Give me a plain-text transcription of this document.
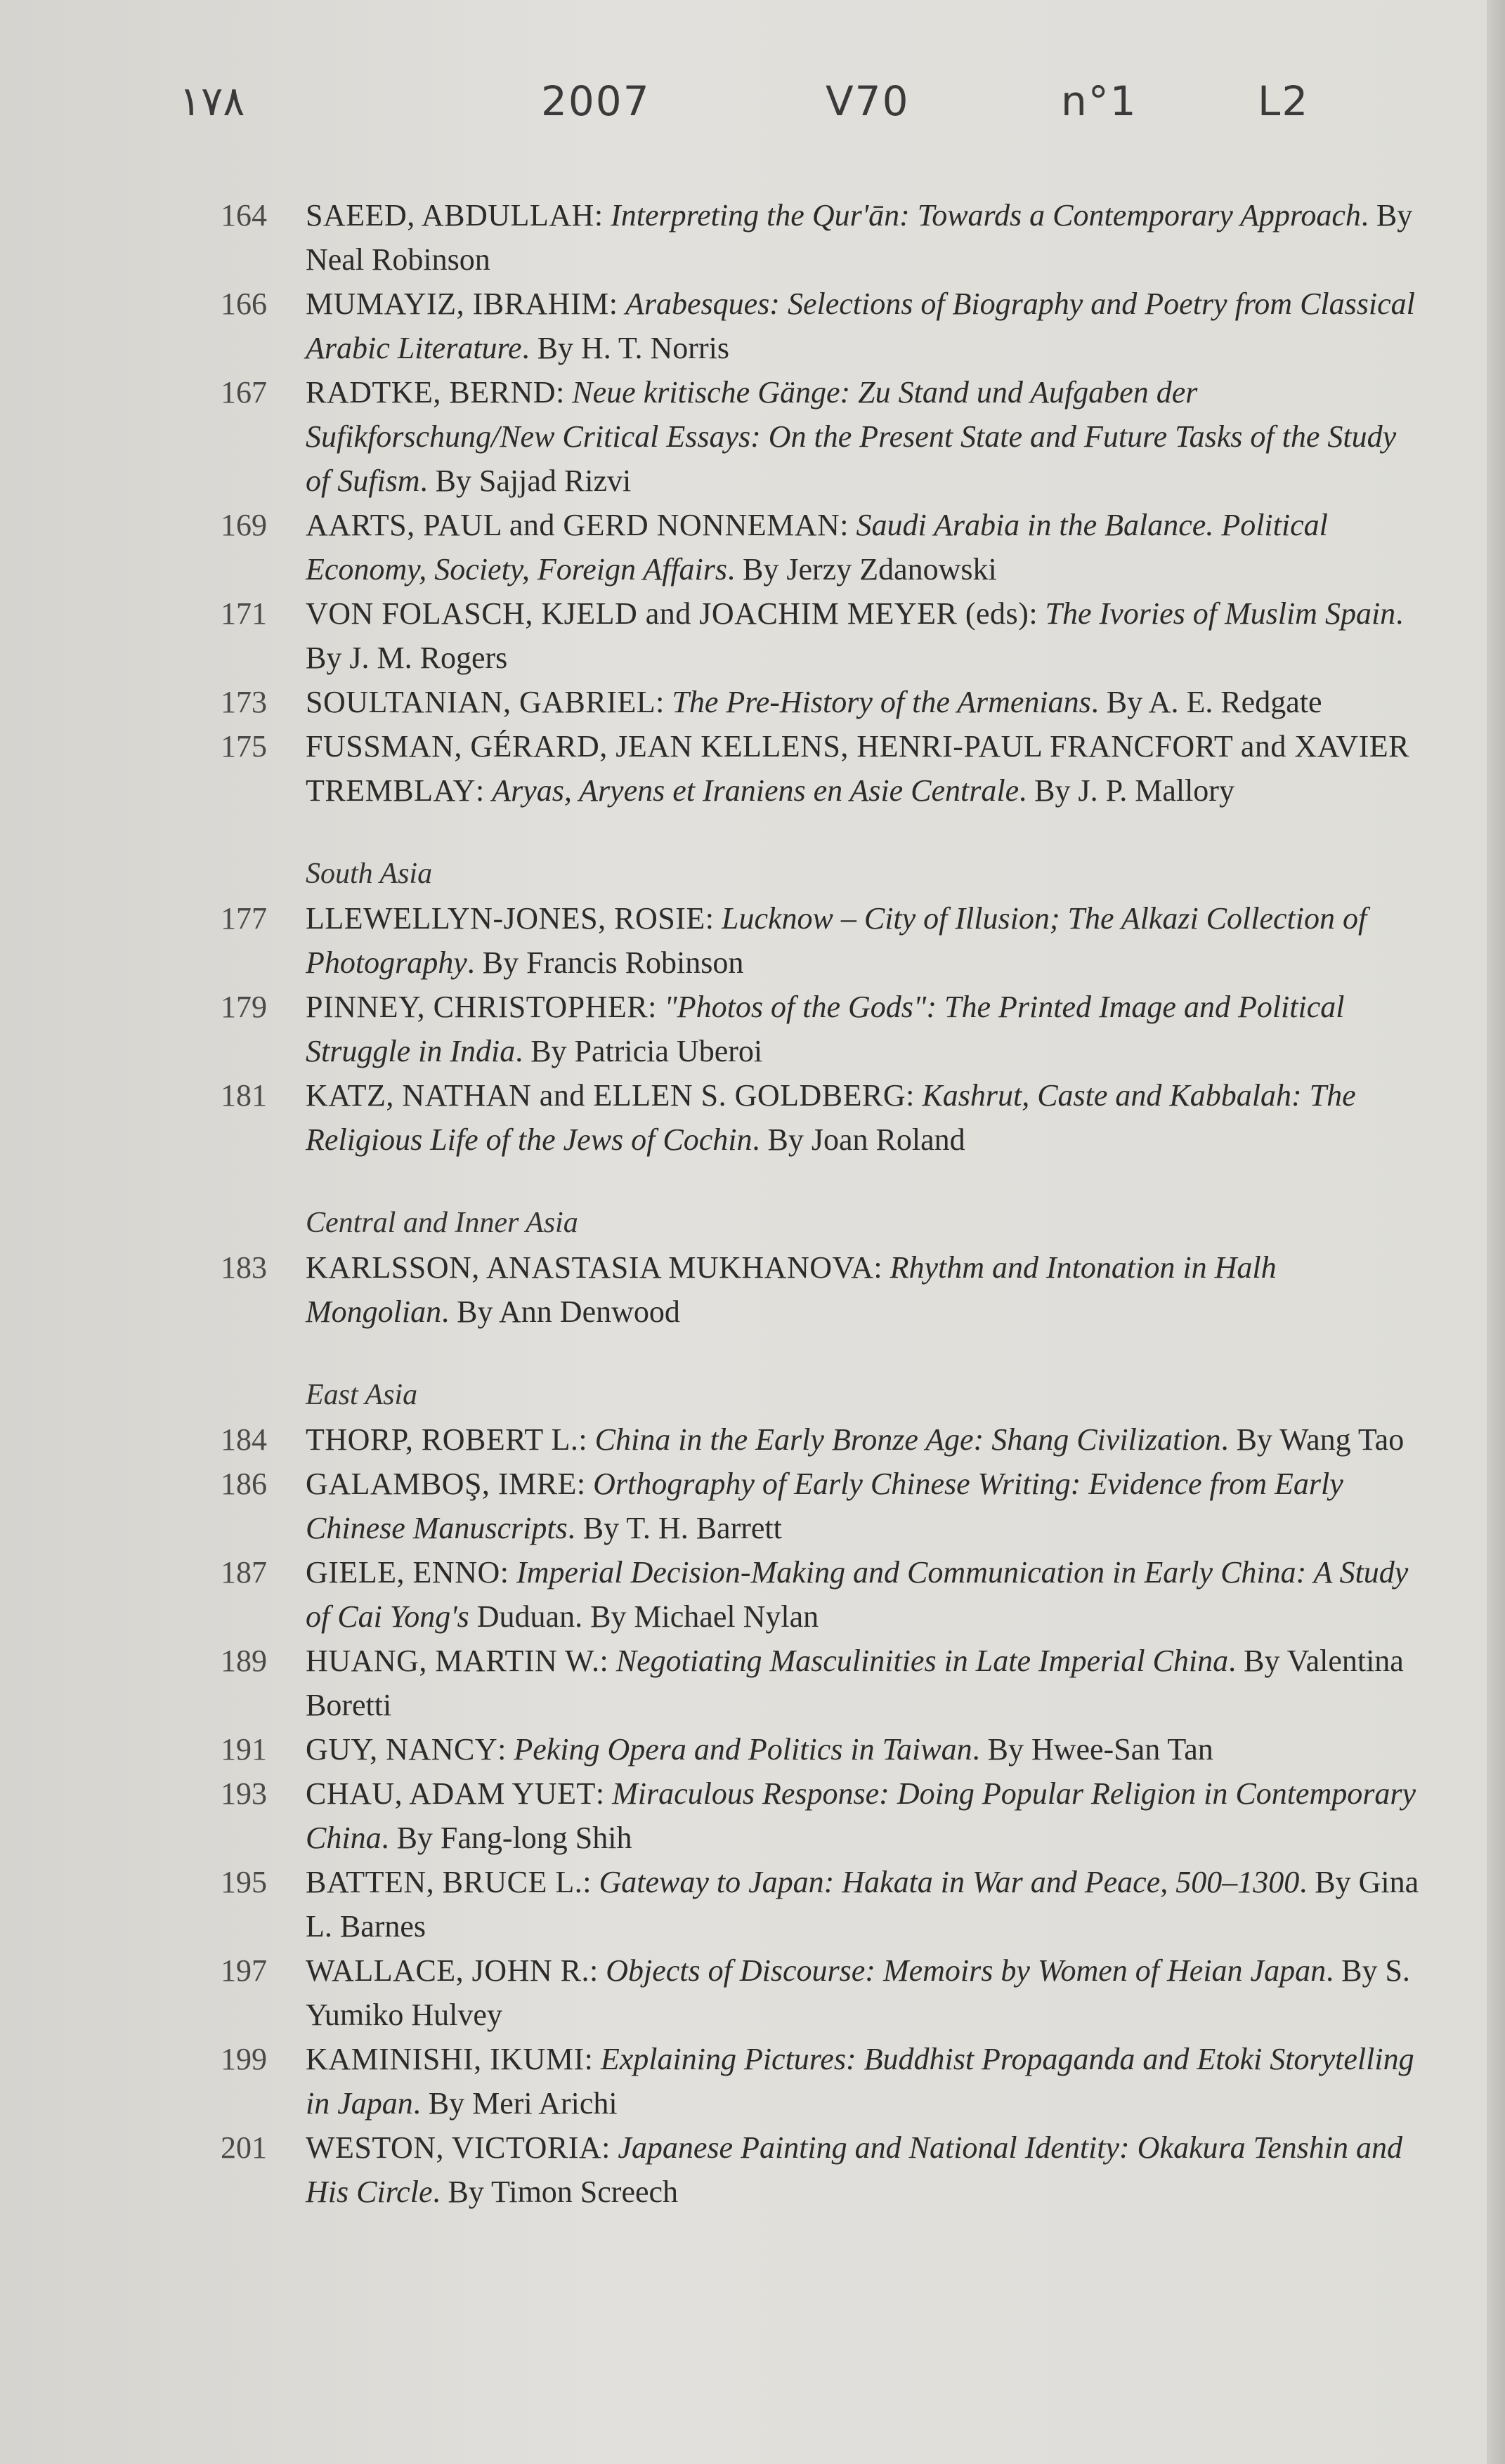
١٧٨	2007	V70	n°1	L2
164 SAEED, ABDULLAH: Interpreting the Qur'ān: Towards a Contemporary Approach. By Neal Robinson
166 MUMAYIZ, IBRAHIM: Arabesques: Selections of Biography and Poetry from Classical Arabic Literature. By H. T. Norris
167 RADTKE, BERND: Neue kritische Gänge: Zu Stand und Aufgaben der Sufikforschung/New Critical Essays: On the Present State and Future Tasks of the Study of Sufism. By Sajjad Rizvi
169 AARTS, PAUL and GERD NONNEMAN: Saudi Arabia in the Balance. Political Economy, Society, Foreign Affairs. By Jerzy Zdanowski
171 VON FOLASCH, KJELD and JOACHIM MEYER (eds): The Ivories of Muslim Spain. By J. M. Rogers
173 SOULTANIAN, GABRIEL: The Pre-History of the Armenians. By A. E. Redgate
175 FUSSMAN, GÉRARD, JEAN KELLENS, HENRI-PAUL FRANCFORT and XAVIER TREMBLAY: Aryas, Aryens et Iraniens en Asie Centrale. By J. P. Mallory
South Asia
177 LLEWELLYN-JONES, ROSIE: Lucknow – City of Illusion; The Alkazi Collection of Photography. By Francis Robinson
179 PINNEY, CHRISTOPHER: "Photos of the Gods": The Printed Image and Political Struggle in India. By Patricia Uberoi
181 KATZ, NATHAN and ELLEN S. GOLDBERG: Kashrut, Caste and Kabbalah: The Religious Life of the Jews of Cochin. By Joan Roland
Central and Inner Asia
183 KARLSSON, ANASTASIA MUKHANOVA: Rhythm and Intonation in Halh Mongolian. By Ann Denwood
East Asia
184 THORP, ROBERT L.: China in the Early Bronze Age: Shang Civilization. By Wang Tao
186 GALAMBOŞ, IMRE: Orthography of Early Chinese Writing: Evidence from Early Chinese Manuscripts. By T. H. Barrett
187 GIELE, ENNO: Imperial Decision-Making and Communication in Early China: A Study of Cai Yong's Duduan. By Michael Nylan
189 HUANG, MARTIN W.: Negotiating Masculinities in Late Imperial China. By Valentina Boretti
191 GUY, NANCY: Peking Opera and Politics in Taiwan. By Hwee-San Tan
193 CHAU, ADAM YUET: Miraculous Response: Doing Popular Religion in Contemporary China. By Fang-long Shih
195 BATTEN, BRUCE L.: Gateway to Japan: Hakata in War and Peace, 500–1300. By Gina L. Barnes
197 WALLACE, JOHN R.: Objects of Discourse: Memoirs by Women of Heian Japan. By S. Yumiko Hulvey
199 KAMINISHI, IKUMI: Explaining Pictures: Buddhist Propaganda and Etoki Storytelling in Japan. By Meri Arichi
201 WESTON, VICTORIA: Japanese Painting and National Identity: Okakura Tenshin and His Circle. By Timon Screech
